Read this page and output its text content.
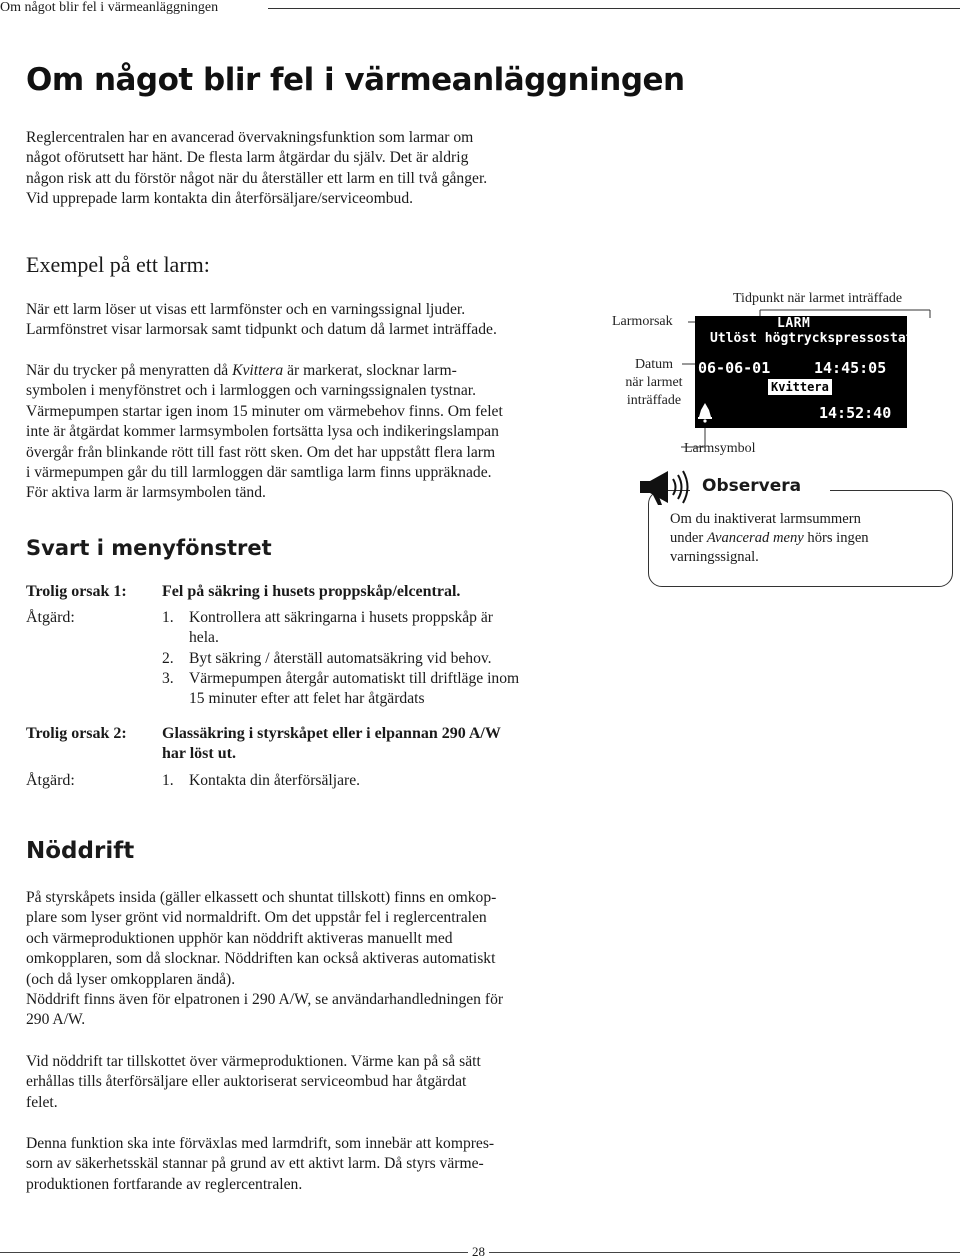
Om något blir fel i värmeanläggningen
Om något blir fel i värmeanläggningen

Reglercentralen har en avancerad övervakningsfunktion som larmar om

något oförutsett har hänt. De flesta larm åtgärdar du själv. Det är aldrig

någon risk att du förstör något när du återställer ett larm en till två gånger.

Vid upprepade larm kontakta din återförsäljare/serviceombud.

Exempel på ett larm:

När ett larm löser ut visas ett larmfönster och en varningssignal ljuder.

Larmfönstret visar larmorsak samt tidpunkt och datum då larmet inträffade.

När du trycker på menyratten då Kvittera är markerat, slocknar larm-

symbolen i menyfönstret och i larmloggen och varningssignalen tystnar.

Värmepumpen startar igen inom 15 minuter om värmebehov finns. Om felet

inte är åtgärdat kommer larmsymbolen fortsätta lysa och indikeringslampan

övergår från blinkande rött till fast rött sken. Om det har uppstått flera larm

i värmepumpen går du till larmloggen där samtliga larm finns uppräknade.

För aktiva larm är larmsymbolen tänd.

Larmorsak
Tidpunkt när larmet inträffade
Datum
när larmet
inträffade
Larmsymbol
LARM
Utlöst högtryckspressostat
06-06-01	14:45:05
Kvittera
14:52:40
Observera
Om du inaktiverat larmsummern
under Avancerad meny hörs ingen
varningssignal.
Svart i menyfönstret
Trolig orsak 1: Fel på säkring i husets proppskåp/elcentral.
Åtgärd:	1. Kontrollera att säkringarna i husets proppskåp är
hela.
2. Byt säkring / återställ automatsäkring vid behov.
3. Värmepumpen återgår automatiskt till driftläge inom
15 minuter efter att felet har åtgärdats
Trolig orsak 2: Glassäkring i styrskåpet eller i elpannan 290 A/W
har löst ut.
Åtgärd:	1. Kontakta din återförsäljare.
Nöddrift

På styrskåpets insida (gäller elkassett och shuntat tillskott) finns en omkop-

plare som lyser grönt vid normaldrift. Om det uppstår fel i reglercentralen

och värmeproduktionen upphör kan nöddrift aktiveras manuellt med

omkopplaren, som då slocknar. Nöddriften kan också aktiveras automatiskt

(och då lyser omkopplaren ändå).

Nöddrift finns även för elpatronen i 290 A/W, se användarhandledningen för

290 A/W.

Vid nöddrift tar tillskottet över värmeproduktionen. Värme kan på så sätt

erhållas tills återförsäljare eller auktoriserat serviceombud har åtgärdat

felet.

Denna funktion ska inte förväxlas med larmdrift, som innebär att kompres-

sorn av säkerhetsskäl stannar på grund av ett aktivt larm. Då styrs värme-

produktionen fortfarande av reglercentralen.

28
